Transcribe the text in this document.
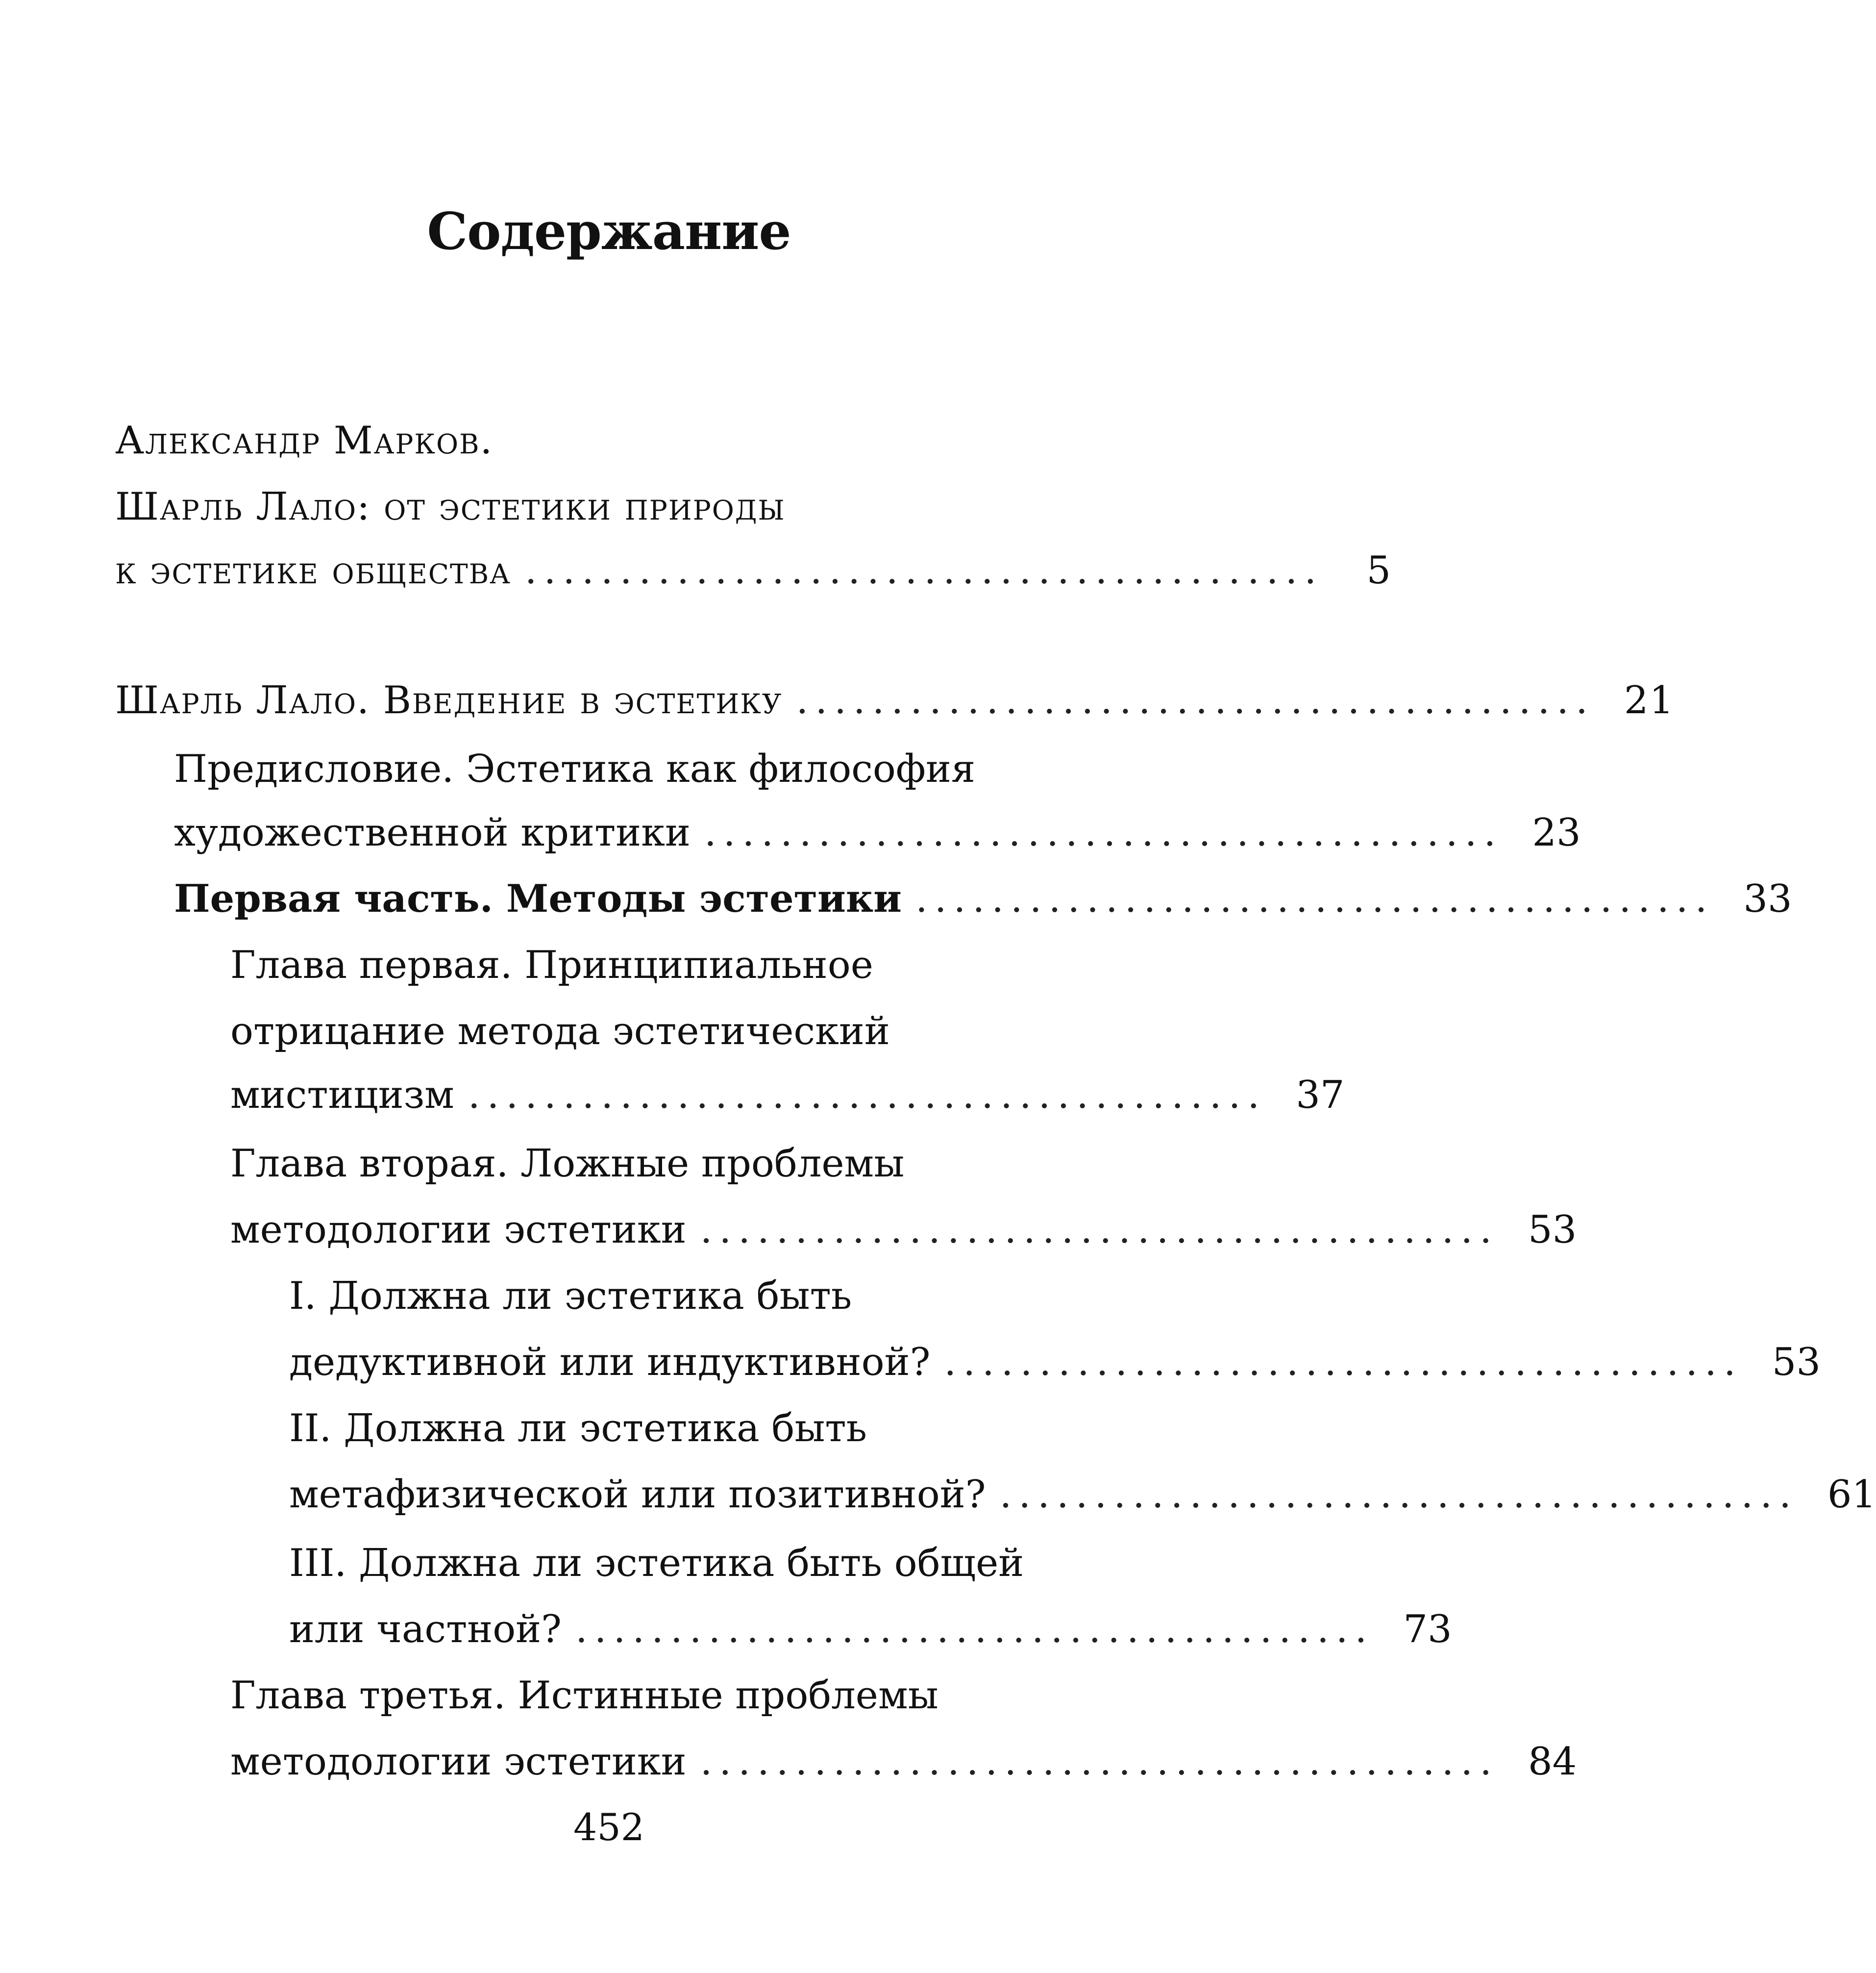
Содержание
Александр Марков.
Шарль Лало: от эстетики природы
к эстетике общества ..........................................	5
Шарль Лало. Введение в эстетику .......................................... 21
Предисловие. Эстетика как философия
художественной критики .......................................... 23
Первая часть. Методы эстетики .......................................... 33
Глава первая. Принципиальное
отрицание метода эстетический
мистицизм .......................................... 37
Глава вторая. Ложные проблемы
методологии эстетики .......................................... 53
I. Должна ли эстетика быть
дедуктивной или индуктивной? .......................................... 53
II. Должна ли эстетика быть
метафизической или позитивной? .......................................... 61
III. Должна ли эстетика быть общей
или частной? .......................................... 73
Глава третья. Истинные проблемы
методологии эстетики .......................................... 84
452
